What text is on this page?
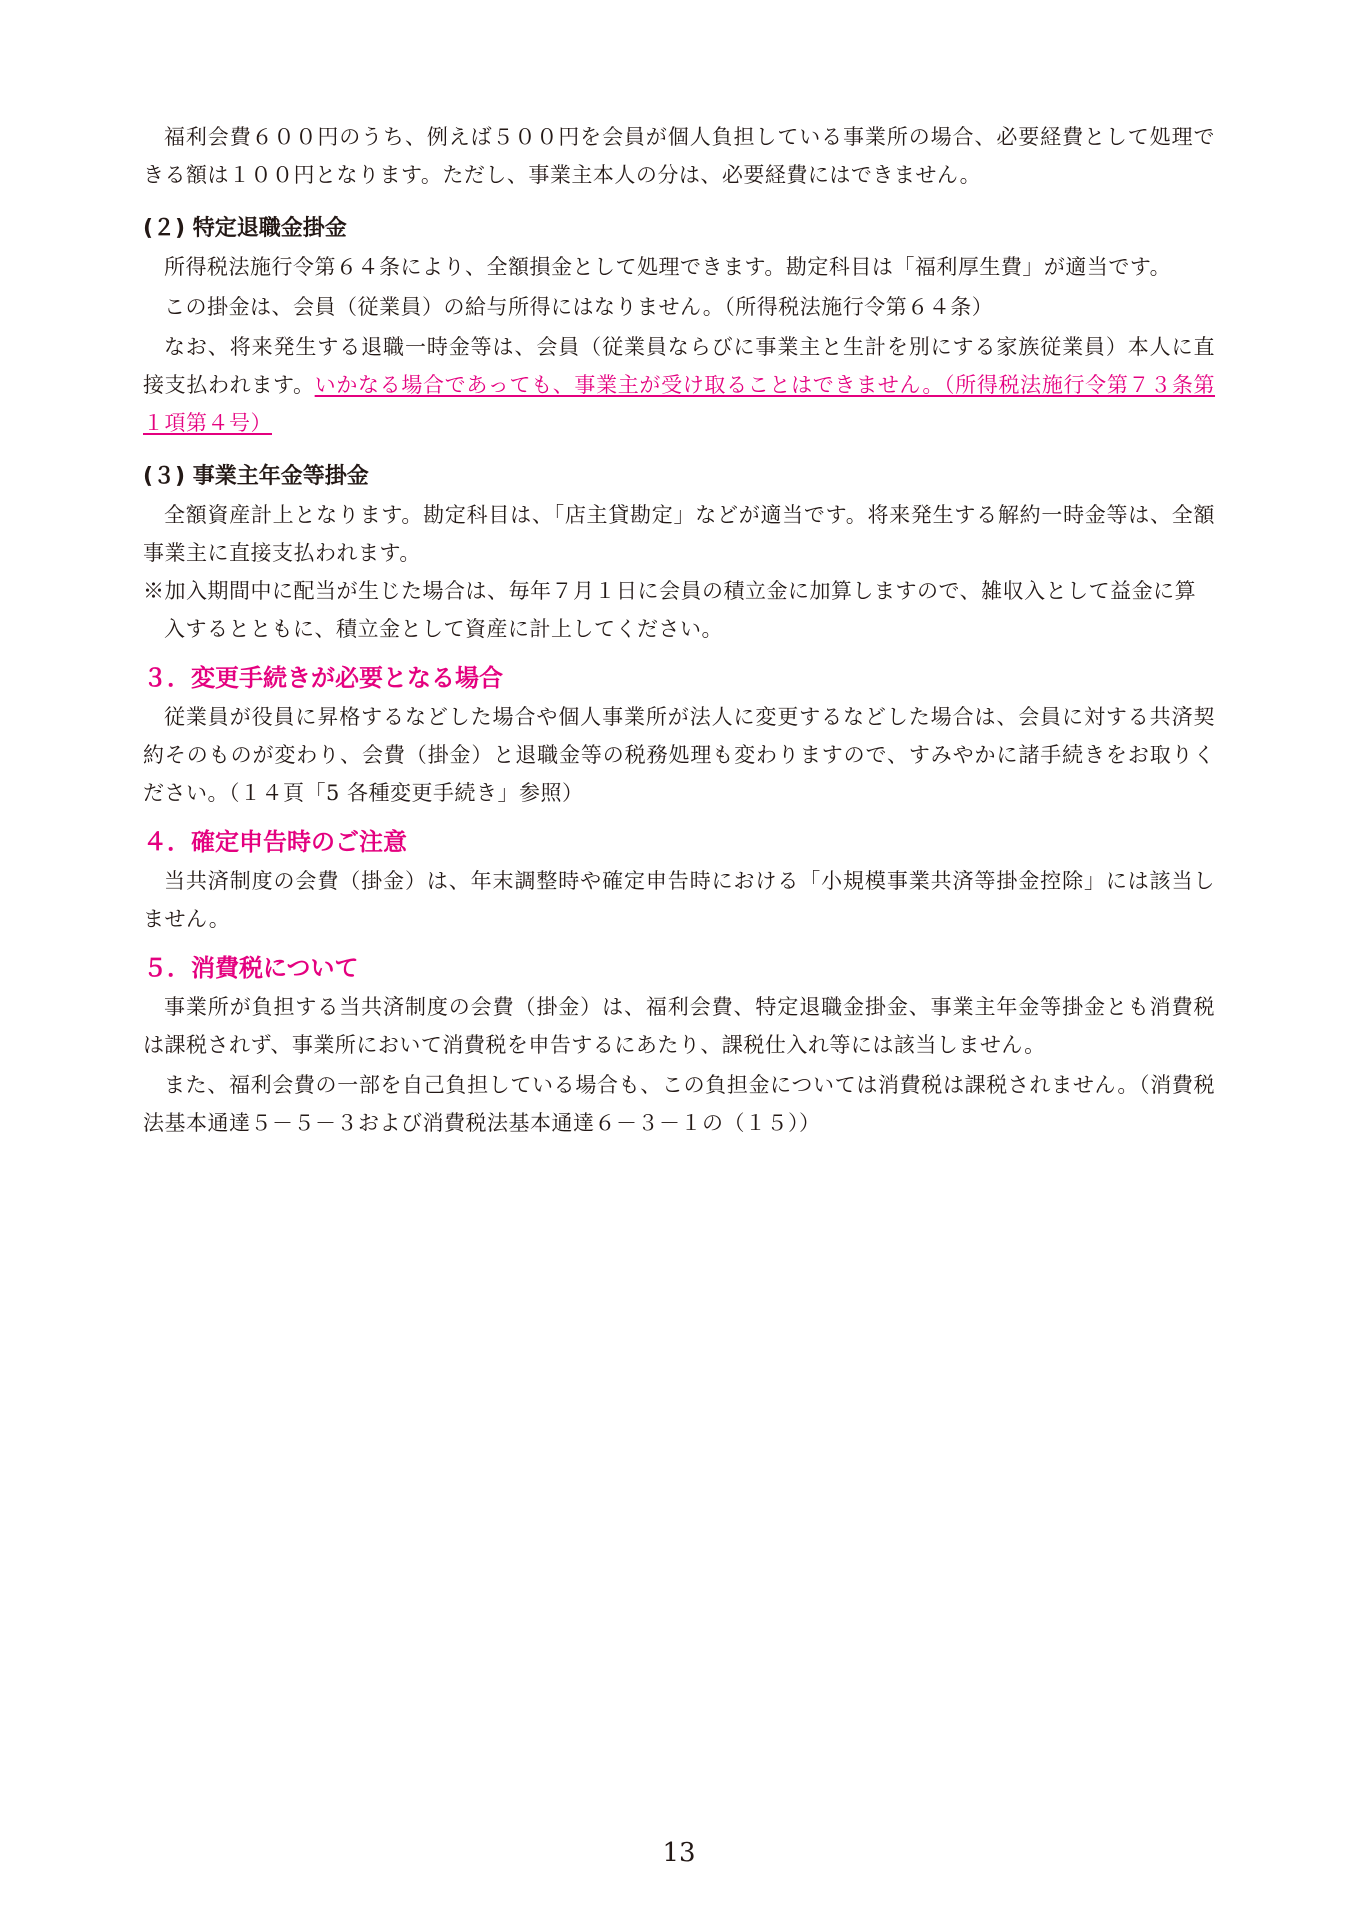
福利会費６００円のうち、例えば５００円を会員が個人負担している事業所の場合、必要経費として処理できる額は１００円となります。ただし、事業主本人の分は、必要経費にはできません。

(２) 特定退職金掛金

所得税法施行令第６４条により、全額損金として処理できます。勘定科目は「福利厚生費」が適当です。

この掛金は、会員（従業員）の給与所得にはなりません。（所得税法施行令第６４条）

なお、将来発生する退職一時金等は、会員（従業員ならびに事業主と生計を別にする家族従業員）本人に直接支払われます。いかなる場合であっても、事業主が受け取ることはできません。（所得税法施行令第７３条第１項第４号）

(３) 事業主年金等掛金

全額資産計上となります。勘定科目は、「店主貸勘定」などが適当です。将来発生する解約一時金等は、全額事業主に直接支払われます。

※加入期間中に配当が生じた場合は、毎年７月１日に会員の積立金に加算しますので、雑収入として益金に算入するとともに、積立金として資産に計上してください。

３．変更手続きが必要となる場合

従業員が役員に昇格するなどした場合や個人事業所が法人に変更するなどした場合は、会員に対する共済契約そのものが変わり、会費（掛金）と退職金等の税務処理も変わりますので、すみやかに諸手続きをお取りください。（１４頁「5 各種変更手続き」参照）

４．確定申告時のご注意

当共済制度の会費（掛金）は、年末調整時や確定申告時における「小規模事業共済等掛金控除」には該当しません。

５．消費税について

事業所が負担する当共済制度の会費（掛金）は、福利会費、特定退職金掛金、事業主年金等掛金とも消費税は課税されず、事業所において消費税を申告するにあたり、課税仕入れ等には該当しません。

また、福利会費の一部を自己負担している場合も、この負担金については消費税は課税されません。（消費税法基本通達５－５－３および消費税法基本通達６－３－１の（１５））

13
